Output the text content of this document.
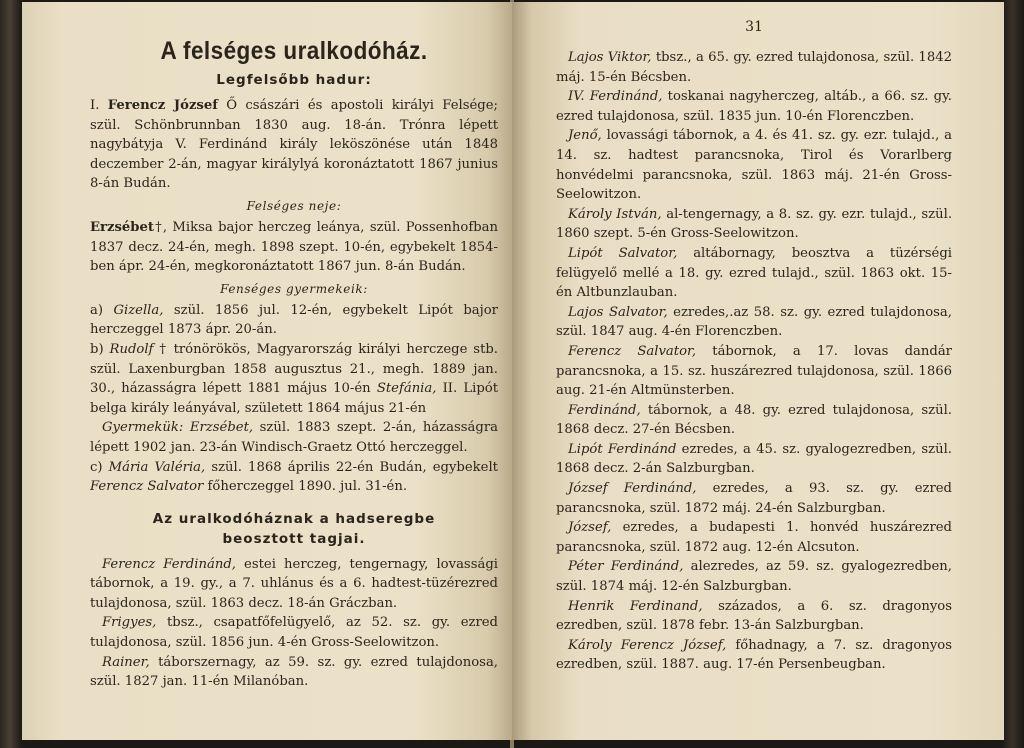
A felséges uralkodóház.
Legfelsőbb hadur:

I. Ferencz József Ő császári és apostoli királyi Felsége; szül. Schönbrunnban 1830 aug. 18-án. Trónra lépett nagybátyja V. Ferdinánd király leköszönése után 1848 deczember 2-án, magyar királylyá koronáztatott 1867 junius 8-án Budán.

Felséges neje:

Erzsébet†, Miksa bajor herczeg leánya, szül. Possenhofban 1837 decz. 24-én, megh. 1898 szept. 10-én, egybekelt 1854-ben ápr. 24-én, megkoronáztatott 1867 jun. 8-án Budán.

Fenséges gyermekeik:

a) Gizella, szül. 1856 jul. 12-én, egybekelt Lipót bajor herczeggel 1873 ápr. 20-án.

b) Rudolf † trónörökös, Magyarország királyi herczege stb. szül. Laxenburgban 1858 augusztus 21., megh. 1889 jan. 30., házasságra lépett 1881 május 10-én Stefánia, II. Lipót belga király leányával, született 1864 május 21-én

Gyermekük: Erzsébet, szül. 1883 szept. 2-án, házasságra lépett 1902 jan. 23-án Windisch-Graetz Ottó herczeggel.

c) Mária Valéria, szül. 1868 április 22-én Budán, egybekelt Ferencz Salvator főherczeggel 1890. jul. 31-én.

Az uralkodóháznak a hadseregbe
beosztott tagjai.

Ferencz Ferdinánd, estei herczeg, tengernagy, lovassági tábornok, a 19. gy., a 7. uhlánus és a 6. hadtest-tüzérezred tulajdonosa, szül. 1863 decz. 18-án Gráczban.

Frigyes, tbsz., csapatfőfelügyelő, az 52. sz. gy. ezred tulajdonosa, szül. 1856 jun. 4-én Gross-Seelowitzon.

Rainer, táborszernagy, az 59. sz. gy. ezred tulajdonosa, szül. 1827 jan. 11-én Milanóban.

31

Lajos Viktor, tbsz., a 65. gy. ezred tulajdonosa, szül. 1842 máj. 15-én Bécsben.

IV. Ferdinánd, toskanai nagyherczeg, altáb., a 66. sz. gy. ezred tulajdonosa, szül. 1835 jun. 10-én Florenczben.

Jenő, lovassági tábornok, a 4. és 41. sz. gy. ezr. tulajd., a 14. sz. hadtest parancsnoka, Tirol és Vorarlberg honvédelmi parancsnoka, szül. 1863 máj. 21-én Gross-Seelowitzon.

Károly István, al-tengernagy, a 8. sz. gy. ezr. tulajd., szül. 1860 szept. 5-én Gross-Seelowitzon.

Lipót Salvator, altábornagy, beosztva a tüzérségi felügyelő mellé a 18. gy. ezred tulajd., szül. 1863 okt. 15-én Altbunzlauban.

Lajos Salvator, ezredes,.az 58. sz. gy. ezred tulajdonosa, szül. 1847 aug. 4-én Florenczben.

Ferencz Salvator, tábornok, a 17. lovas dandár parancsnoka, a 15. sz. huszárezred tulajdonosa, szül. 1866 aug. 21-én Altmünsterben.

Ferdinánd, tábornok, a 48. gy. ezred tulajdonosa, szül. 1868 decz. 27-én Bécsben.

Lipót Ferdinánd ezredes, a 45. sz. gyalogezredben, szül. 1868 decz. 2-án Salzburgban.

József Ferdinánd, ezredes, a 93. sz. gy. ezred parancsnoka, szül. 1872 máj. 24-én Salzburgban.

József, ezredes, a budapesti 1. honvéd huszárezred parancsnoka, szül. 1872 aug. 12-én Alcsuton.

Péter Ferdinánd, alezredes, az 59. sz. gyalogezredben, szül. 1874 máj. 12-én Salzburgban.

Henrik Ferdinand, százados, a 6. sz. dragonyos ezredben, szül. 1878 febr. 13-án Salzburgban.

Károly Ferencz József, főhadnagy, a 7. sz. dragonyos ezredben, szül. 1887. aug. 17-én Persenbeugban.
